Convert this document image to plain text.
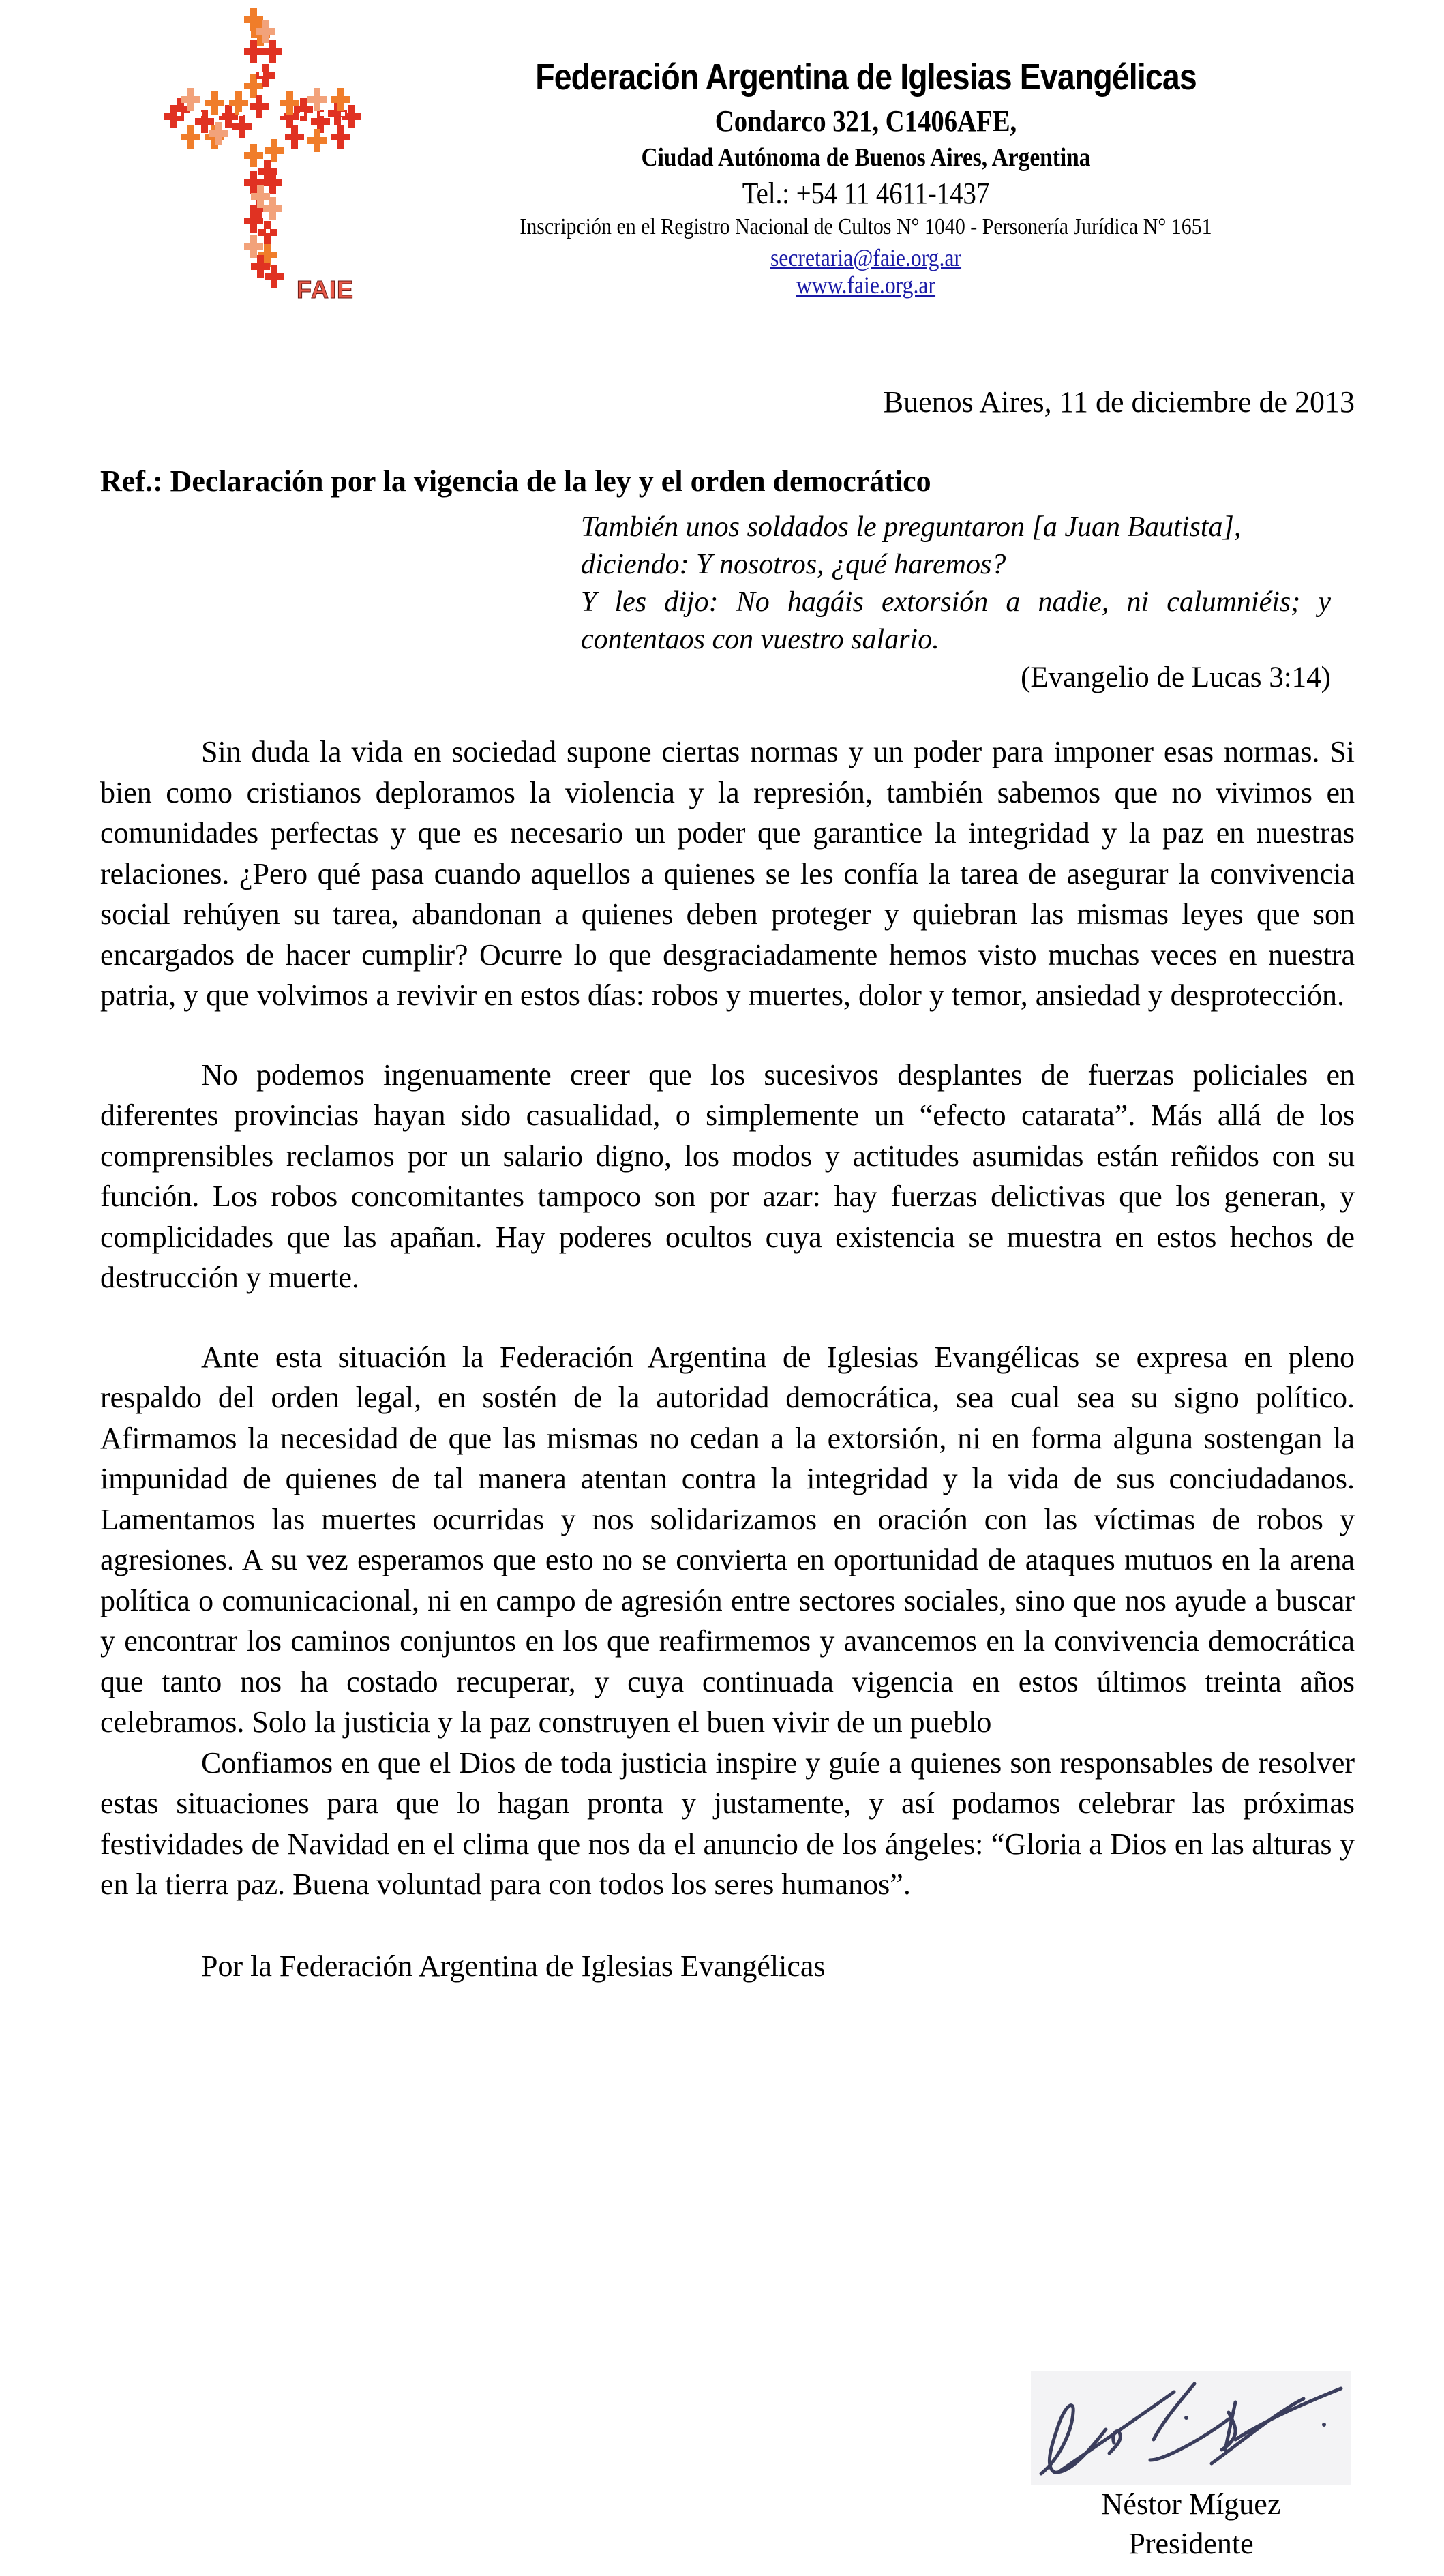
FAIE
Federación Argentina de Iglesias Evangélicas
Condarco 321, C1406AFE,
Ciudad Autónoma de Buenos Aires, Argentina
Tel.: +54 11 4611-1437
Inscripción en el Registro Nacional de Cultos N° 1040 - Personería Jurídica N° 1651
secretaria@faie.org.ar
www.faie.org.ar

Buenos Aires, 11 de diciembre de 2013

Ref.: Declaración por la vigencia de la ley y el orden democrático

También unos soldados le preguntaron [a Juan Bautista],
diciendo: Y nosotros, ¿qué haremos?
Y les dijo: No hagáis extorsión a nadie, ni calumniéis; y
contentaos con vuestro salario.
(Evangelio de Lucas 3:14)

Sin duda la vida en sociedad supone ciertas normas y un poder para imponer esas normas. Si bien como cristianos deploramos la violencia y la represión, también sabemos que no vivimos en comunidades perfectas y que es necesario un poder que garantice la integridad y la paz en nuestras relaciones. ¿Pero qué pasa cuando aquellos a quienes se les confía la tarea de asegurar la convivencia social rehúyen su tarea, abandonan a quienes deben proteger y quiebran las mismas leyes que son encargados de hacer cumplir? Ocurre lo que desgraciadamente hemos visto muchas veces en nuestra patria, y que volvimos a revivir en estos días: robos y muertes, dolor y temor, ansiedad y desprotección.

No podemos ingenuamente creer que los sucesivos desplantes de fuerzas policiales en diferentes provincias hayan sido casualidad, o simplemente un “efecto catarata”. Más allá de los comprensibles reclamos por un salario digno, los modos y actitudes asumidas están reñidos con su función. Los robos concomitantes tampoco son por azar: hay fuerzas delictivas que los generan, y complicidades que las apañan. Hay poderes ocultos cuya existencia se muestra en estos hechos de destrucción y muerte.

Ante esta situación la Federación Argentina de Iglesias Evangélicas se expresa en pleno respaldo del orden legal, en sostén de la autoridad democrática, sea cual sea su signo político. Afirmamos la necesidad de que las mismas no cedan a la extorsión, ni en forma alguna sostengan la impunidad de quienes de tal manera atentan contra la integridad y la vida de sus conciudadanos. Lamentamos las muertes ocurridas y nos solidarizamos en oración con las víctimas de robos y agresiones. A su vez esperamos que esto no se convierta en oportunidad de ataques mutuos en la arena política o comunicacional, ni en campo de agresión entre sectores sociales, sino que nos ayude a buscar y encontrar los caminos conjuntos en los que reafirmemos y avancemos en la convivencia democrática que tanto nos ha costado recuperar, y cuya continuada vigencia en estos últimos treinta años celebramos. Solo la justicia y la paz construyen el buen vivir de un pueblo

Confiamos en que el Dios de toda justicia inspire y guíe a quienes son responsables de resolver estas situaciones para que lo hagan pronta y justamente, y así podamos celebrar las próximas festividades de Navidad en el clima que nos da el anuncio de los ángeles: “Gloria a Dios en las alturas y en la tierra paz. Buena voluntad para con todos los seres humanos”.

Por la Federación Argentina de Iglesias Evangélicas

Néstor Míguez
Presidente
